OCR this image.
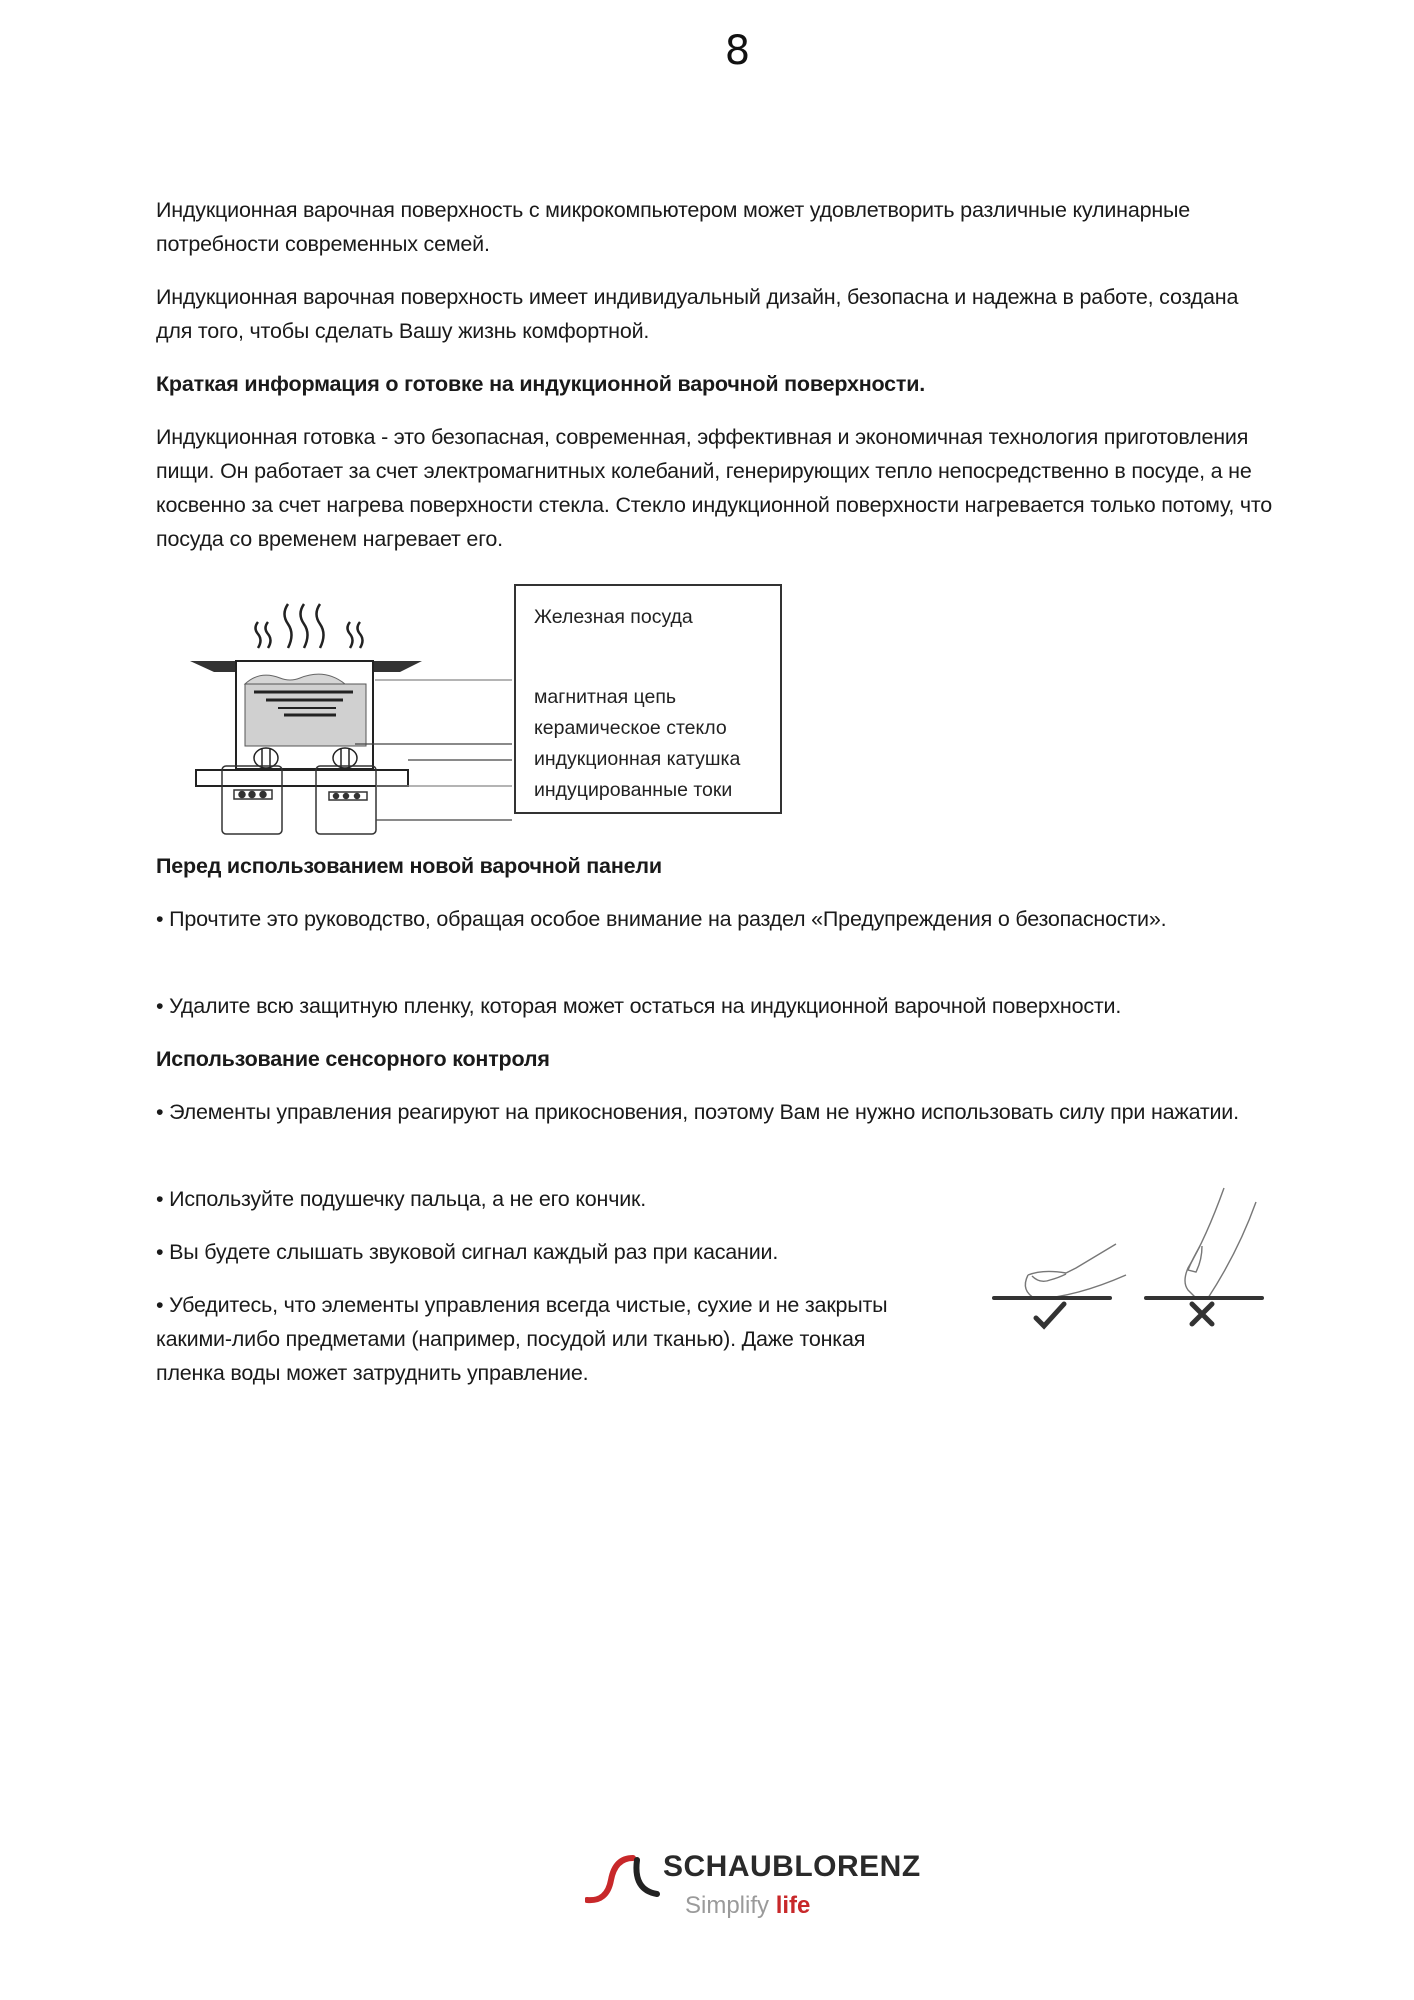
8

Индукционная варочная поверхность с микрокомпьютером может удовлетворить различные кулинарные потребности современных семей.

Индукционная варочная поверхность имеет индивидуальный дизайн, безопасна и надежна в работе, создана для того, чтобы сделать Вашу жизнь комфортной.

Краткая информация о готовке на индукционной варочной поверхности.

Индукционная готовка - это безопасная, современная, эффективная и экономичная технология приготовления пищи. Он работает за счет электромагнитных колебаний, генерирующих тепло непосредственно в посуде, а не косвенно за счет нагрева поверхности стекла. Стекло индукционной поверхности нагревается только потому, что посуда со временем нагревает его.

Перед использованием новой варочной панели

• Прочтите это руководство, обращая особое внимание на раздел «Предупреждения о безопасности».

• Удалите всю защитную пленку, которая может остаться на индукционной варочной поверхности.

Использование сенсорного контроля

• Элементы управления реагируют на прикосновения, поэтому Вам не нужно использовать силу при нажатии.

• Используйте подушечку пальца, а не его кончик.

• Вы будете слышать звуковой сигнал каждый раз при касании.

• Убедитесь, что элементы управления всегда чистые, сухие и не закрыты какими-либо предметами (например, посудой или тканью). Даже тонкая пленка воды может затруднить управление.

Железная посуда
магнитная цепь
керамическое стекло
индукционная катушка
индуцированные токи
SCHAUBLORENZ
Simplify life
